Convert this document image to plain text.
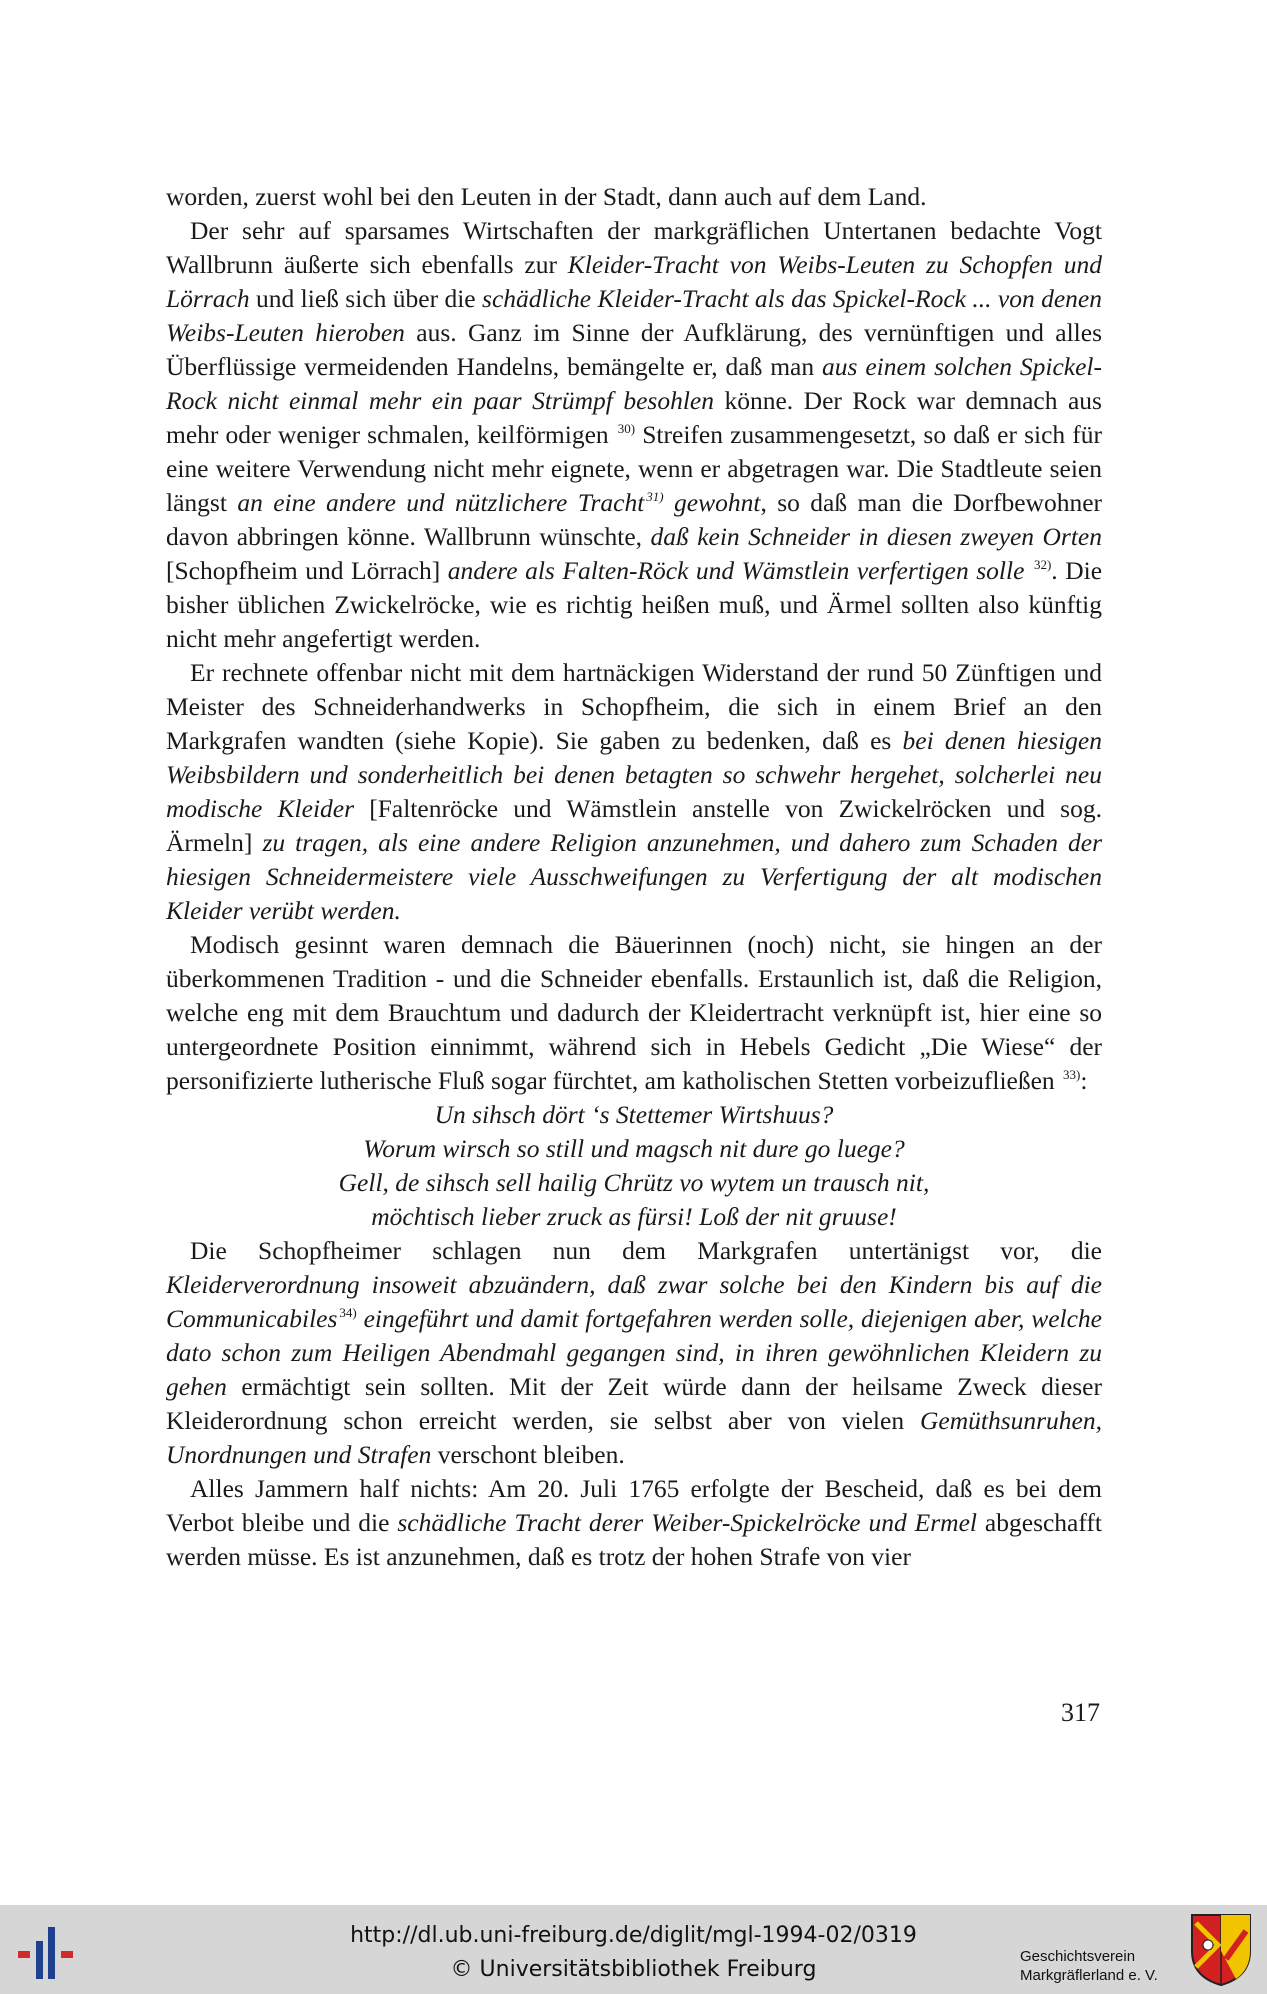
worden, zuerst wohl bei den Leuten in der Stadt, dann auch auf dem Land.

Der sehr auf sparsames Wirtschaften der markgräflichen Untertanen bedachte Vogt Wallbrunn äußerte sich ebenfalls zur Kleider-Tracht von Weibs-Leuten zu Schopfen und Lörrach und ließ sich über die schädliche Kleider-Tracht als das Spickel-Rock ... von denen Weibs-Leuten hieroben aus. Ganz im Sinne der Aufklärung, des vernünftigen und alles Überflüssige vermeidenden Handelns, bemängelte er, daß man aus einem solchen Spickel-Rock nicht einmal mehr ein paar Strümpf besohlen könne. Der Rock war demnach aus mehr oder weniger schmalen, keilförmigen $^{30)}$ Streifen zusammengesetzt, so daß er sich für eine weitere Verwendung nicht mehr eignete, wenn er abgetragen war. Die Stadtleute seien längst an eine andere und nützlichere Tracht $^{31)}$ gewohnt, so daß man die Dorfbewohner davon abbringen könne. Wallbrunn wünschte, daß kein Schneider in diesen zweyen Orten [Schopfheim und Lörrach] andere als Falten-Röck und Wämstlein verfertigen solle $^{32)}$. Die bisher üblichen Zwickelröcke, wie es richtig heißen muß, und Ärmel sollten also künftig nicht mehr angefertigt werden.

Er rechnete offenbar nicht mit dem hartnäckigen Widerstand der rund 50 Zünftigen und Meister des Schneiderhandwerks in Schopfheim, die sich in einem Brief an den Markgrafen wandten (siehe Kopie). Sie gaben zu bedenken, daß es bei denen hiesigen Weibsbildern und sonderheitlich bei denen betagten so schwehr hergehet, solcherlei neu modische Kleider [Faltenröcke und Wämstlein anstelle von Zwickelröcken und sog. Ärmeln] zu tragen, als eine andere Religion anzunehmen, und dahero zum Schaden der hiesigen Schneidermeistere viele Ausschweifungen zu Verfertigung der alt modischen Kleider verübt werden.

Modisch gesinnt waren demnach die Bäuerinnen (noch) nicht, sie hingen an der überkommenen Tradition - und die Schneider ebenfalls. Erstaunlich ist, daß die Religion, welche eng mit dem Brauchtum und dadurch der Kleidertracht verknüpft ist, hier eine so untergeordnete Position einnimmt, während sich in Hebels Gedicht „Die Wiese“ der personifizierte lutherische Fluß sogar fürchtet, am katholischen Stetten vorbeizufließen $^{33)}$:

Un sihsch dört ‘s Stettemer Wirtshuus?
Worum wirsch so still und magsch nit dure go luege?
Gell, de sihsch sell hailig Chrütz vo wytem un trausch nit,
möchtisch lieber zruck as fürsi! Loß der nit gruuse!

Die Schopfheimer schlagen nun dem Markgrafen untertänigst vor, die Kleiderverordnung insoweit abzuändern, daß zwar solche bei den Kindern bis auf die Communicabiles $^{34)}$ eingeführt und damit fortgefahren werden solle, diejenigen aber, welche dato schon zum Heiligen Abendmahl gegangen sind, in ihren gewöhnlichen Kleidern zu gehen ermächtigt sein sollten. Mit der Zeit würde dann der heilsame Zweck dieser Kleiderordnung schon erreicht werden, sie selbst aber von vielen Gemüthsunruhen, Unordnungen und Strafen verschont bleiben.

Alles Jammern half nichts: Am 20. Juli 1765 erfolgte der Bescheid, daß es bei dem Verbot bleibe und die schädliche Tracht derer Weiber-Spickelröcke und Ermel abgeschafft werden müsse. Es ist anzunehmen, daß es trotz der hohen Strafe von vier

317
http://dl.ub.uni-freiburg.de/diglit/mgl-1994-02/0319
© Universitätsbibliothek Freiburg
Geschichtsverein
Markgräflerland e. V.
